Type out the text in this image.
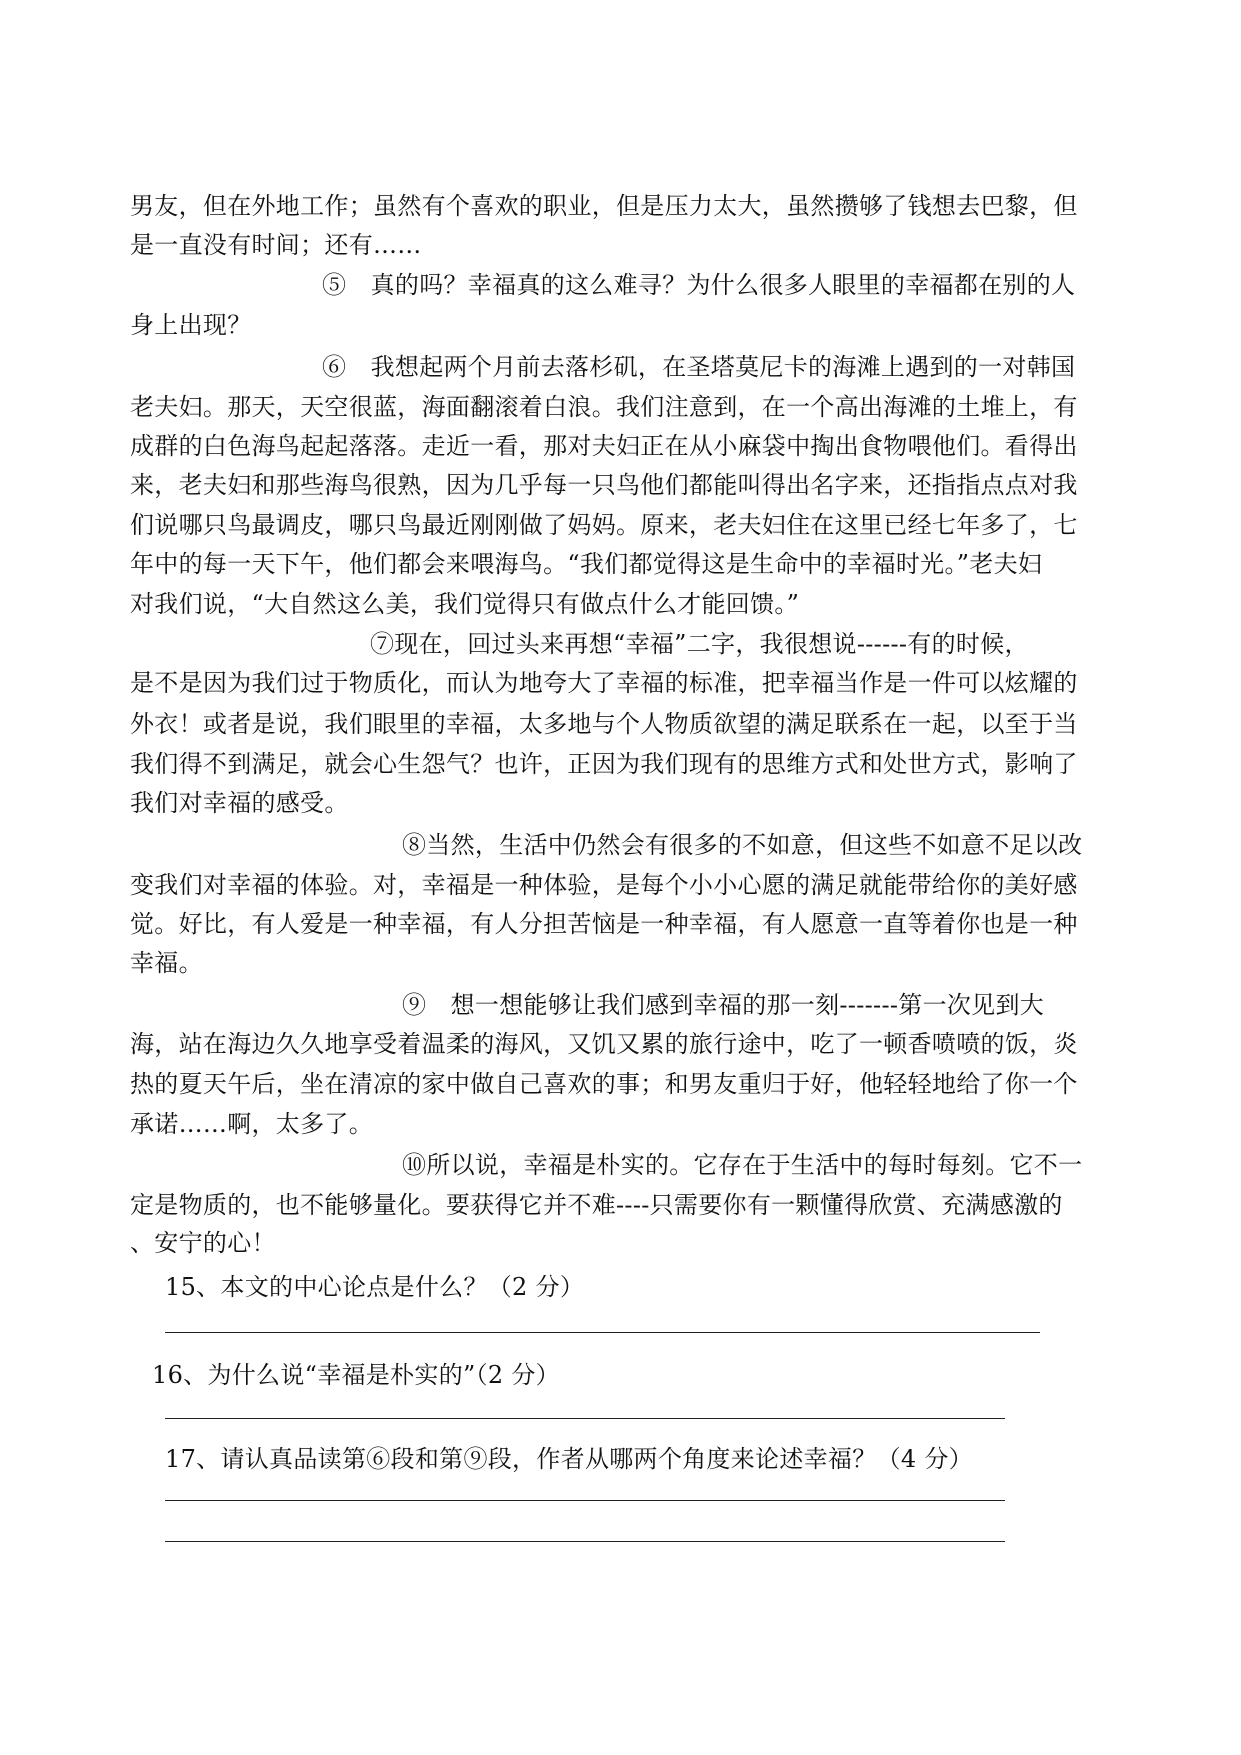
男友，但在外地工作；虽然有个喜欢的职业，但是压力太大，虽然攒够了钱想去巴黎，但
是一直没有时间；还有……
⑤　真的吗？幸福真的这么难寻？为什么很多人眼里的幸福都在别的人
身上出现？
⑥　我想起两个月前去落杉矶，在圣塔莫尼卡的海滩上遇到的一对韩国
老夫妇。那天，天空很蓝，海面翻滚着白浪。我们注意到，在一个高出海滩的土堆上，有
成群的白色海鸟起起落落。走近一看，那对夫妇正在从小麻袋中掏出食物喂他们。看得出
来，老夫妇和那些海鸟很熟，因为几乎每一只鸟他们都能叫得出名字来，还指指点点对我
们说哪只鸟最调皮，哪只鸟最近刚刚做了妈妈。原来，老夫妇住在这里已经七年多了，七
年中的每一天下午，他们都会来喂海鸟。“我们都觉得这是生命中的幸福时光。”老夫妇
对我们说，“大自然这么美，我们觉得只有做点什么才能回馈。”
⑦现在，回过头来再想“幸福”二字，我很想说------有的时候，
是不是因为我们过于物质化，而认为地夸大了幸福的标准，把幸福当作是一件可以炫耀的
外衣！或者是说，我们眼里的幸福，太多地与个人物质欲望的满足联系在一起，以至于当
我们得不到满足，就会心生怨气？也许，正因为我们现有的思维方式和处世方式，影响了
我们对幸福的感受。
⑧当然，生活中仍然会有很多的不如意，但这些不如意不足以改
变我们对幸福的体验。对，幸福是一种体验，是每个小小心愿的满足就能带给你的美好感
觉。好比，有人爱是一种幸福，有人分担苦恼是一种幸福，有人愿意一直等着你也是一种
幸福。
⑨　想一想能够让我们感到幸福的那一刻-------第一次见到大
海，站在海边久久地享受着温柔的海风，又饥又累的旅行途中，吃了一顿香喷喷的饭，炎
热的夏天午后，坐在清凉的家中做自己喜欢的事；和男友重归于好，他轻轻地给了你一个
承诺……啊，太多了。
⑩所以说，幸福是朴实的。它存在于生活中的每时每刻。它不一
定是物质的，也不能够量化。要获得它并不难----只需要你有一颗懂得欣赏、充满感激的
、安宁的心！
15、本文的中心论点是什么？（2 分）
16、为什么说“幸福是朴实的”（2 分）
17、请认真品读第⑥段和第⑨段，作者从哪两个角度来论述幸福？（4 分）
